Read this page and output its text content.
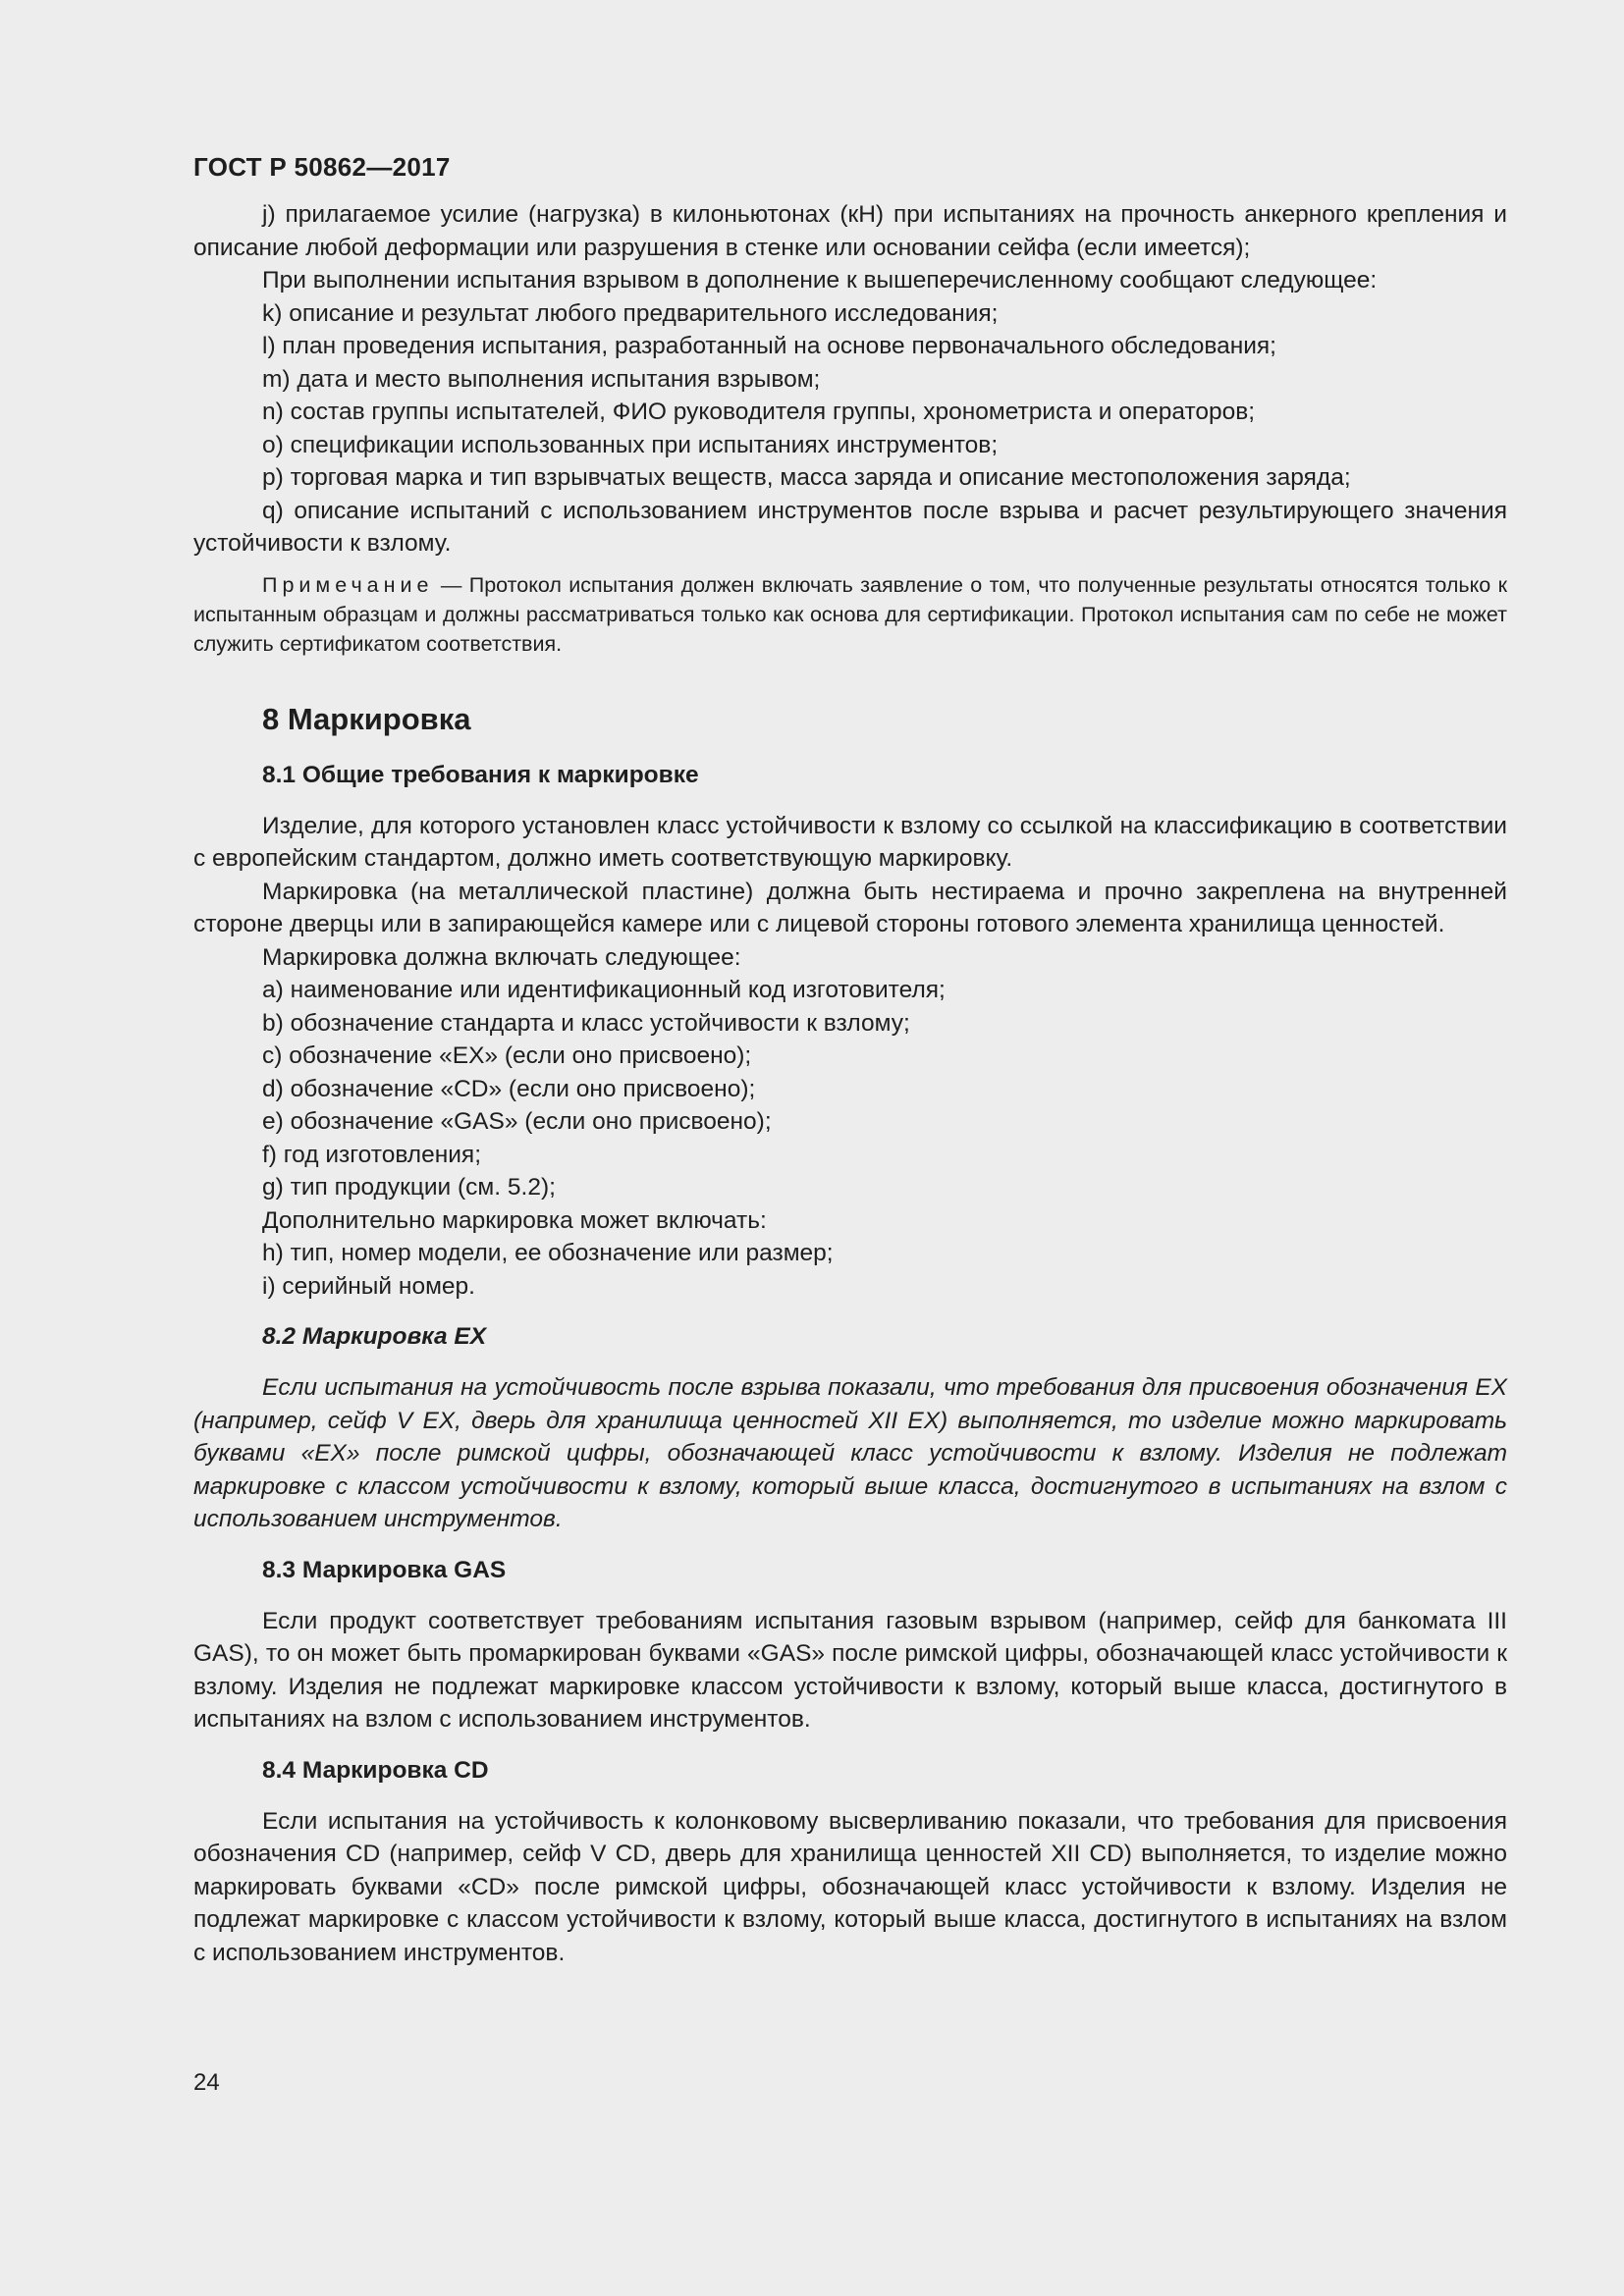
ГОСТ Р 50862—2017

j) прилагаемое усилие (нагрузка) в килоньютонах (кН) при испытаниях на прочность анкерного крепления и описание любой деформации или разрушения в стенке или основании сейфа (если имеется);

При выполнении испытания взрывом в дополнение к вышеперечисленному сообщают следующее:

k) описание и результат любого предварительного исследования;

l) план проведения испытания, разработанный на основе первоначального обследования;

m) дата и место выполнения испытания взрывом;

n) состав группы испытателей, ФИО руководителя группы, хронометриста и операторов;

o) спецификации использованных при испытаниях инструментов;

p) торговая марка и тип взрывчатых веществ, масса заряда и описание местоположения заряда;

q) описание испытаний с использованием инструментов после взрыва и расчет результирующего значения устойчивости к взлому.

Примечание — Протокол испытания должен включать заявление о том, что полученные результаты относятся только к испытанным образцам и должны рассматриваться только как основа для сертификации. Протокол испытания сам по себе не может служить сертификатом соответствия.

8 Маркировка
8.1 Общие требования к маркировке

Изделие, для которого установлен класс устойчивости к взлому со ссылкой на классификацию в соответствии с европейским стандартом, должно иметь соответствующую маркировку.

Маркировка (на металлической пластине) должна быть нестираема и прочно закреплена на внутренней стороне дверцы или в запирающейся камере или с лицевой стороны готового элемента хранилища ценностей.

Маркировка должна включать следующее:

a) наименование или идентификационный код изготовителя;

b) обозначение стандарта и класс устойчивости к взлому;

c) обозначение «EX» (если оно присвоено);

d) обозначение «CD» (если оно присвоено);

e) обозначение «GAS» (если оно присвоено);

f) год изготовления;

g) тип продукции (см. 5.2);

Дополнительно маркировка может включать:

h) тип, номер модели, ее обозначение или размер;

i) серийный номер.

8.2 Маркировка EX

Если испытания на устойчивость после взрыва показали, что требования для присвоения обозначения EX (например, сейф V EX, дверь для хранилища ценностей XII EX) выполняется, то изделие можно маркировать буквами «EX» после римской цифры, обозначающей класс устойчивости к взлому. Изделия не подлежат маркировке с классом устойчивости к взлому, который выше класса, достигнутого в испытаниях на взлом с использованием инструментов.

8.3 Маркировка GAS

Если продукт соответствует требованиям испытания газовым взрывом (например, сейф для банкомата III GAS), то он может быть промаркирован буквами «GAS» после римской цифры, обозначающей класс устойчивости к взлому. Изделия не подлежат маркировке классом устойчивости к взлому, который выше класса, достигнутого в испытаниях на взлом с использованием инструментов.

8.4 Маркировка CD

Если испытания на устойчивость к колонковому высверливанию показали, что требования для присвоения обозначения CD (например, сейф V CD, дверь для хранилища ценностей XII CD) выполняется, то изделие можно маркировать буквами «CD» после римской цифры, обозначающей класс устойчивости к взлому. Изделия не подлежат маркировке с классом устойчивости к взлому, который выше класса, достигнутого в испытаниях на взлом с использованием инструментов.

24
